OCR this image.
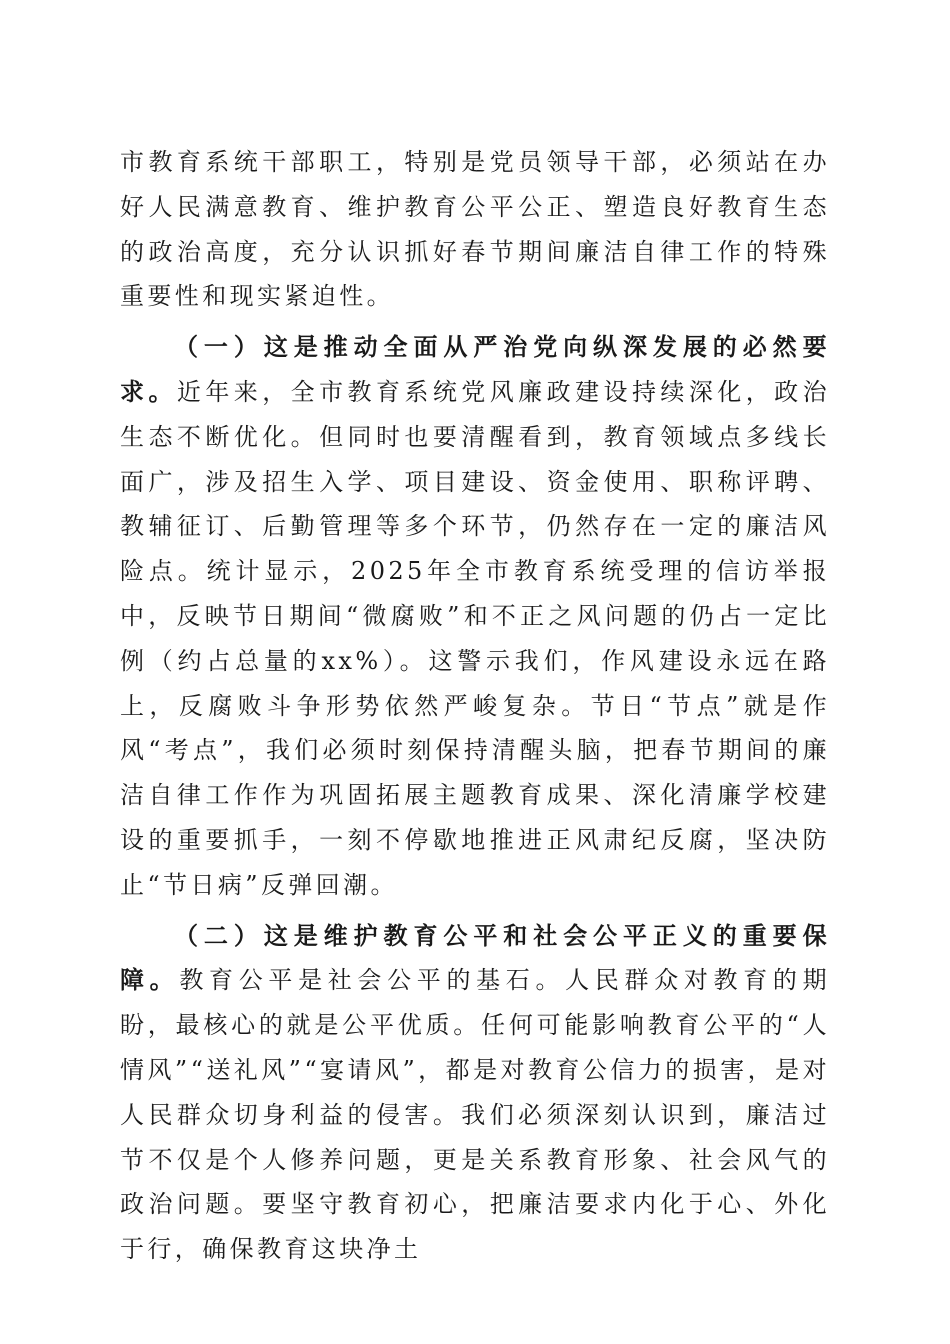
市教育系统干部职工，特别是党员领导干部，必须站在办好人民满意教育、维护教育公平公正、塑造良好教育生态的政治高度，充分认识抓好春节期间廉洁自律工作的特殊重要性和现实紧迫性。

（一）这是推动全面从严治党向纵深发展的必然要求。近年来，全市教育系统党风廉政建设持续深化，政治生态不断优化。但同时也要清醒看到，教育领域点多线长面广，涉及招生入学、项目建设、资金使用、职称评聘、教辅征订、后勤管理等多个环节，仍然存在一定的廉洁风险点。统计显示，2025年全市教育系统受理的信访举报中，反映节日期间“微腐败”和不正之风问题的仍占一定比例（约占总量的xx%）。这警示我们，作风建设永远在路上，反腐败斗争形势依然严峻复杂。节日“节点”就是作风“考点”，我们必须时刻保持清醒头脑，把春节期间的廉洁自律工作作为巩固拓展主题教育成果、深化清廉学校建设的重要抓手，一刻不停歇地推进正风肃纪反腐，坚决防止“节日病”反弹回潮。

（二）这是维护教育公平和社会公平正义的重要保障。教育公平是社会公平的基石。人民群众对教育的期盼，最核心的就是公平优质。任何可能影响教育公平的“人情风”“送礼风”“宴请风”，都是对教育公信力的损害，是对人民群众切身利益的侵害。我们必须深刻认识到，廉洁过节不仅是个人修养问题，更是关系教育形象、社会风气的政治问题。要坚守教育初心，把廉洁要求内化于心、外化于行，确保教育这块净土
